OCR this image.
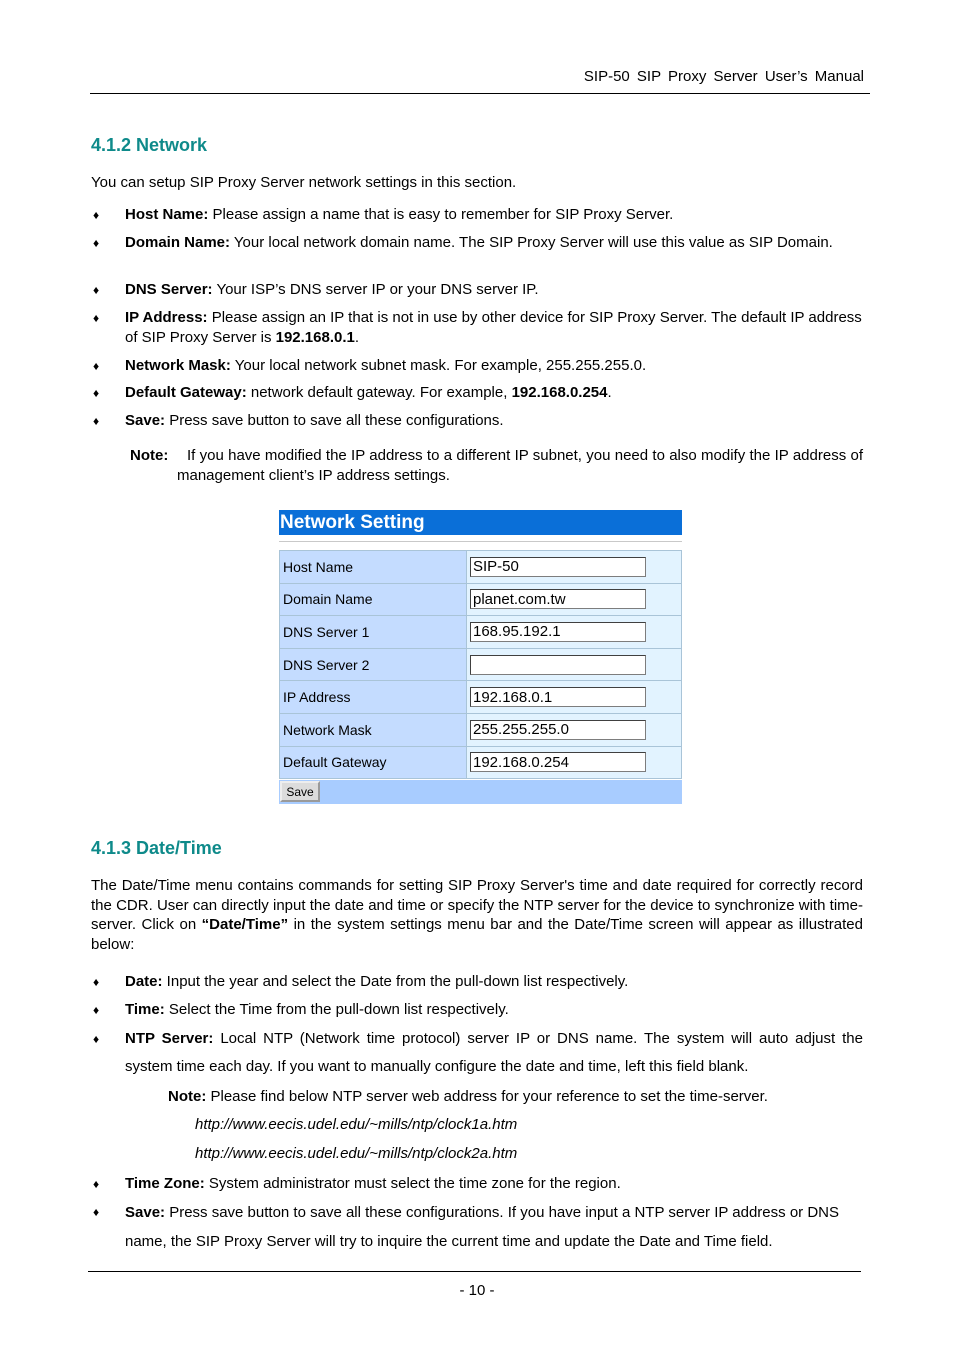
SIP-50 SIP Proxy Server User’s Manual
4.1.2 Network
You can setup SIP Proxy Server network settings in this section.
♦ Host Name: Please assign a name that is easy to remember for SIP Proxy Server.
♦ Domain Name: Your local network domain name. The SIP Proxy Server will use this value as SIP Domain.
♦ DNS Server: Your ISP’s DNS server IP or your DNS server IP.
♦ IP Address: Please assign an IP that is not in use by other device for SIP Proxy Server. The default IP address of SIP Proxy Server is 192.168.0.1.
♦ Network Mask: Your local network subnet mask. For example, 255.255.255.0.
♦ Default Gateway: network default gateway. For example, 192.168.0.254.
♦ Save: Press save button to save all these configurations.
Note:	If you have modified the IP address to a different IP subnet, you need to also modify the IP address of management client’s IP address settings.
Network Setting
Host Name	SIP-50
Domain Name	planet.com.tw
DNS Server 1	168.95.192.1
DNS Server 2	
IP Address	192.168.0.1
Network Mask	255.255.255.0
Default Gateway	192.168.0.254
Save
4.1.3 Date/Time
The Date/Time menu contains commands for setting SIP Proxy Server's time and date required for correctly record the CDR. User can directly input the date and time or specify the NTP server for the device to synchronize with time-server. Click on “Date/Time” in the system settings menu bar and the Date/Time screen will appear as illustrated below:
♦ Date: Input the year and select the Date from the pull-down list respectively.
♦ Time: Select the Time from the pull-down list respectively.
♦ NTP Server: Local NTP (Network time protocol) server IP or DNS name. The system will auto adjust the system time each day. If you want to manually configure the date and time, left this field blank.
Note: Please find below NTP server web address for your reference to set the time-server.
http://www.eecis.udel.edu/~mills/ntp/clock1a.htm
http://www.eecis.udel.edu/~mills/ntp/clock2a.htm
♦ Time Zone: System administrator must select the time zone for the region.
♦ Save: Press save button to save all these configurations. If you have input a NTP server IP address or DNS name, the SIP Proxy Server will try to inquire the current time and update the Date and Time field.
- 10 -
